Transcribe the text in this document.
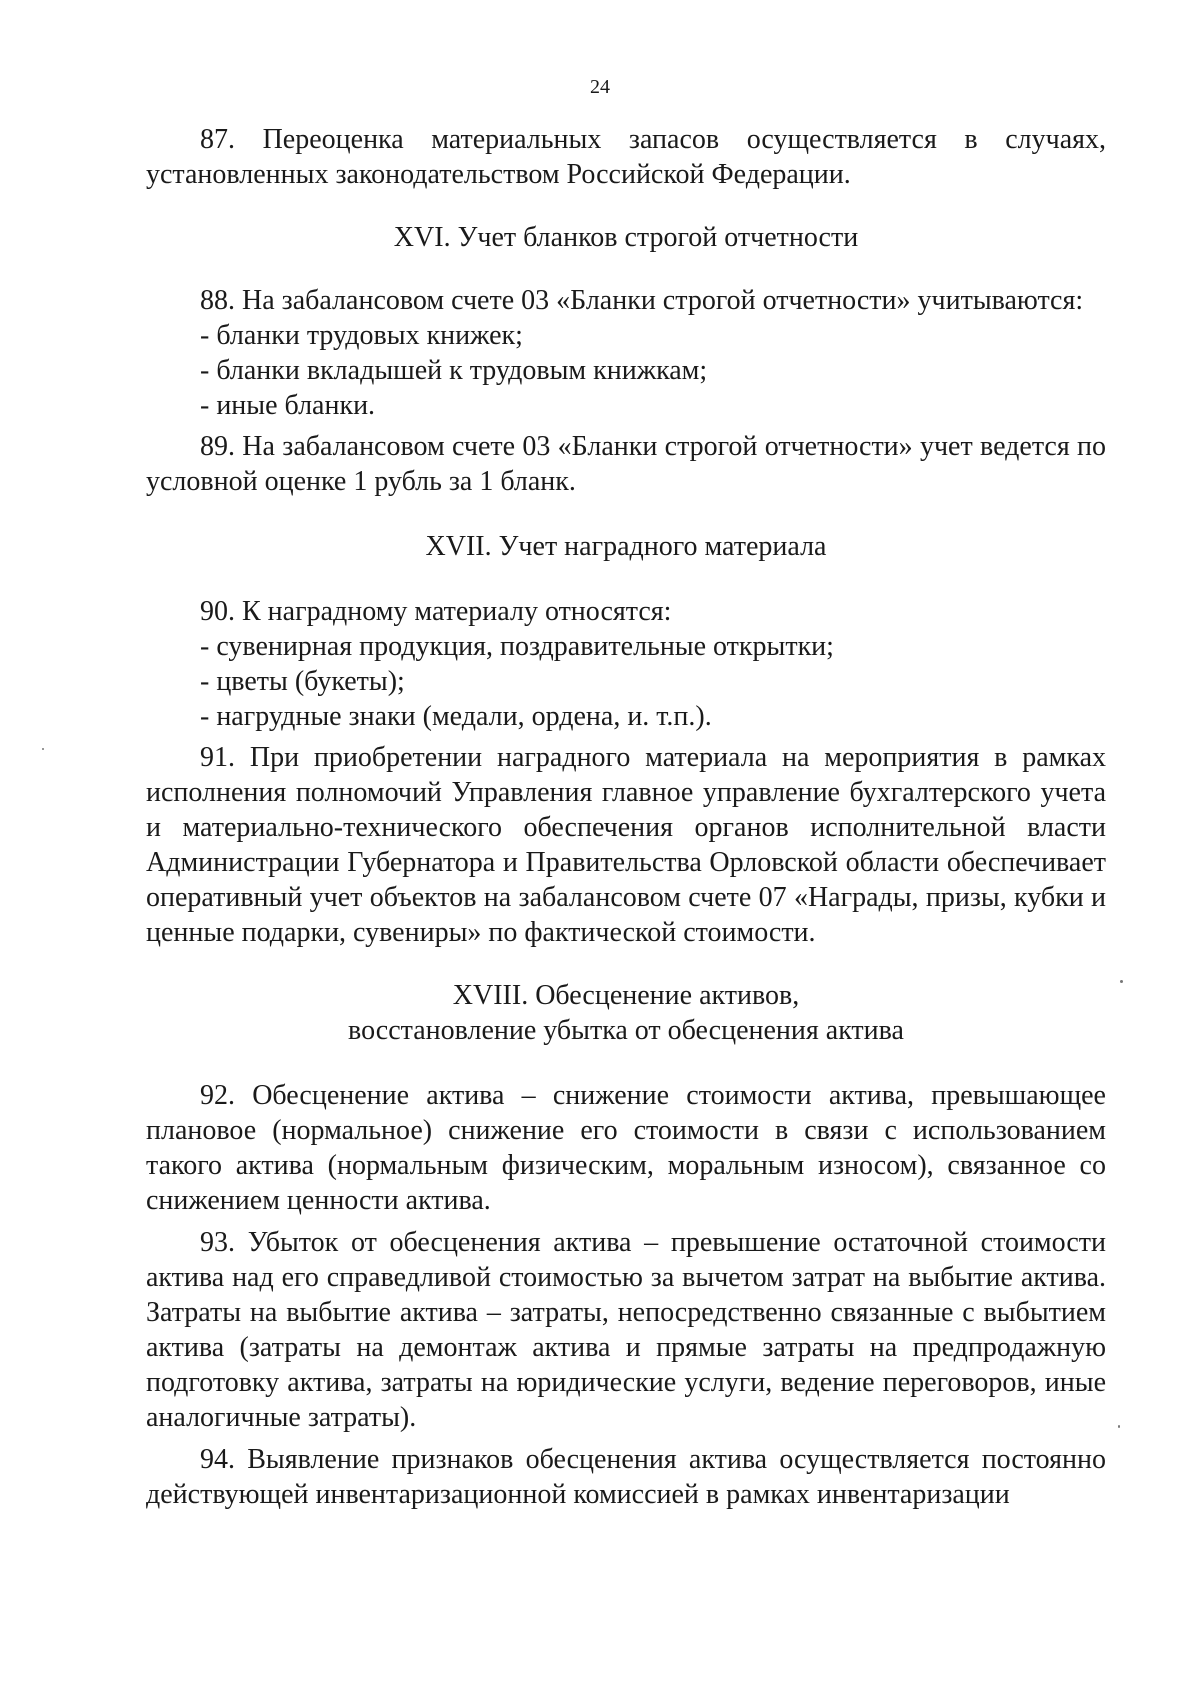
24

87. Переоценка материальных запасов осуществляется в случаях, установленных законодательством Российской Федерации.

XVI. Учет бланков строгой отчетности

88. На забалансовом счете 03 «Бланки строгой отчетности» учитываются:

- бланки трудовых книжек;

- бланки вкладышей к трудовым книжкам;

- иные бланки.

89. На забалансовом счете 03 «Бланки строгой отчетности» учет ведется по условной оценке 1 рубль за 1 бланк.

XVII. Учет наградного материала

90. К наградному материалу относятся:

- сувенирная продукция, поздравительные открытки;

- цветы (букеты);

- нагрудные знаки (медали, ордена, и. т.п.).

91. При приобретении наградного материала на мероприятия в рамках исполнения полномочий Управления главное управление бухгалтерского учета и материально-технического обеспечения органов исполнительной власти Администрации Губернатора и Правительства Орловской области обеспечивает оперативный учет объектов на забалансовом счете 07 «Награды, призы, кубки и ценные подарки, сувениры» по фактической стоимости.

XVIII. Обесценение активов,

восстановление убытка от обесценения актива

92. Обесценение актива – снижение стоимости актива, превышающее плановое (нормальное) снижение его стоимости в связи с использованием такого актива (нормальным физическим, моральным износом), связанное со снижением ценности актива.

93. Убыток от обесценения актива – превышение остаточной стоимости актива над его справедливой стоимостью за вычетом затрат на выбытие актива. Затраты на выбытие актива – затраты, непосредственно связанные с выбытием актива (затраты на демонтаж актива и прямые затраты на предпродажную подготовку актива, затраты на юридические услуги, ведение переговоров, иные аналогичные затраты).

94. Выявление признаков обесценения актива осуществляется постоянно действующей инвентаризационной комиссией в рамках инвентаризации
